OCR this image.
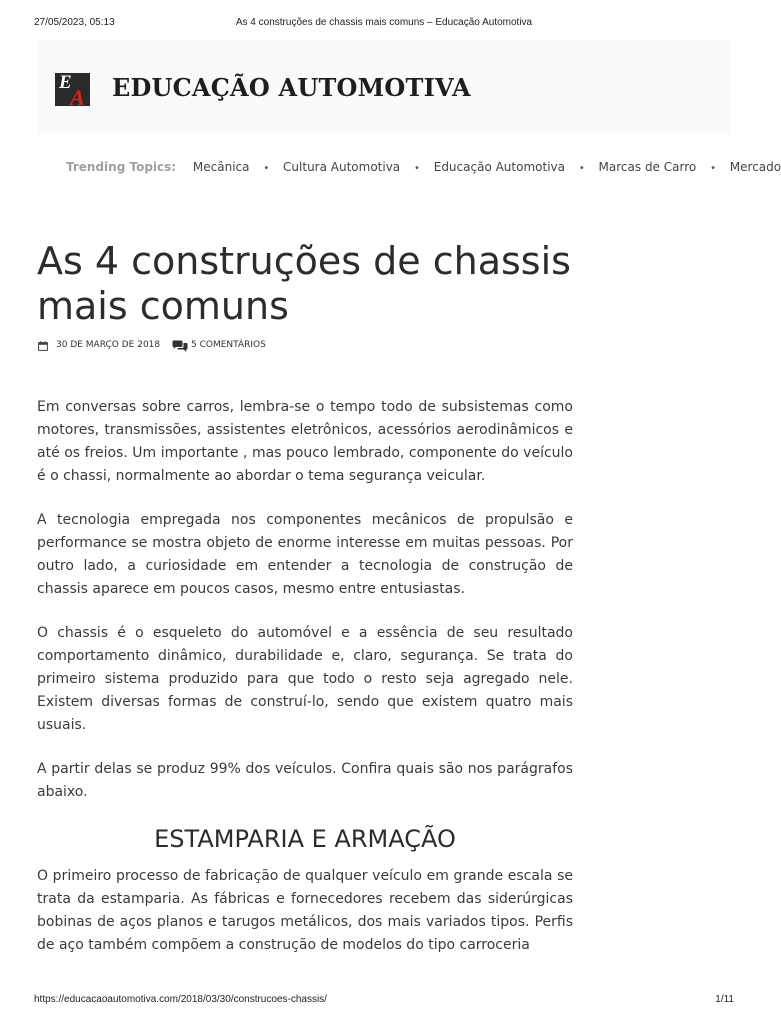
27/05/2023, 05:13	As 4 construções de chassis mais comuns – Educação Automotiva
E
A EDUCAÇÃO AUTOMOTIVA
Trending Topics: Mecânica • Cultura Automotiva • Educação Automotiva • Marcas de Carro • Mercado
As 4 construções de chassis mais comuns
30 DE MARÇO DE 2018	5 COMENTÁRIOS

Em conversas sobre carros, lembra-se o tempo todo de subsistemas como motores, transmissões, assistentes eletrônicos, acessórios aerodinâmicos e até os freios. Um importante , mas pouco lembrado, componente do veículo é o chassi, normalmente ao abordar o tema segurança veicular.

A tecnologia empregada nos componentes mecânicos de propulsão e performance se mostra objeto de enorme interesse em muitas pessoas. Por outro lado, a curiosidade em entender a tecnologia de construção de chassis aparece em poucos casos, mesmo entre entusiastas.

O chassis é o esqueleto do automóvel e a essência de seu resultado comportamento dinâmico, durabilidade e, claro, segurança. Se trata do primeiro sistema produzido para que todo o resto seja agregado nele. Existem diversas formas de construí-lo, sendo que existem quatro mais usuais.

A partir delas se produz 99% dos veículos. Confira quais são nos parágrafos abaixo.

ESTAMPARIA E ARMAÇÃO

O primeiro processo de fabricação de qualquer veículo em grande escala se trata da estamparia. As fábricas e fornecedores recebem das siderúrgicas bobinas de aços planos e tarugos metálicos, dos mais variados tipos. Perfis de aço também compõem a construção de modelos do tipo carroceria

https://educacaoautomotiva.com/2018/03/30/construcoes-chassis/	1/11
